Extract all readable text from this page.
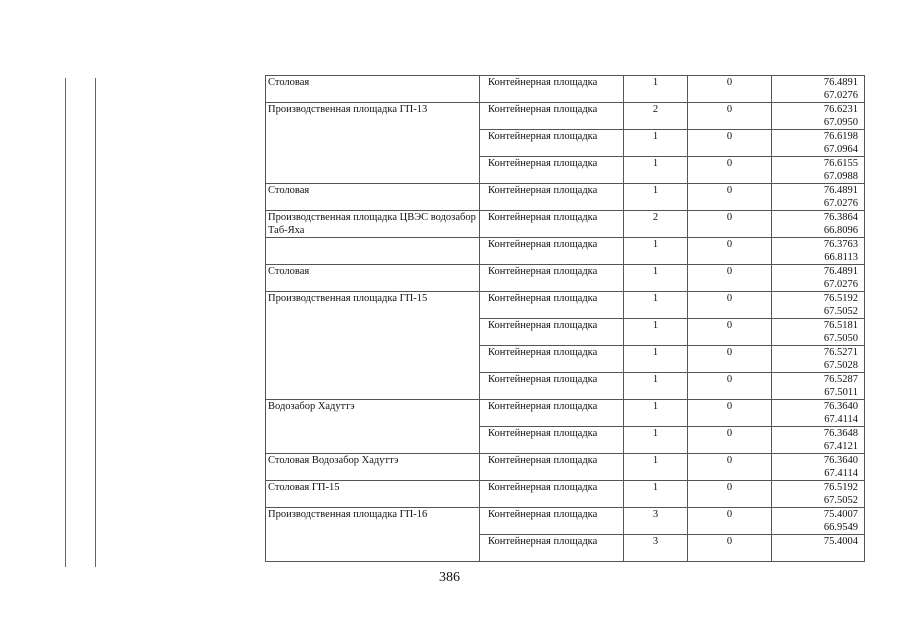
Столовая	Контейнерная площадка	1	0	76.4891
67.0276

Производственная площадка ГП-13	Контейнерная площадка	2	0	76.6231
67.0950

	Контейнерная площадка	1	0	76.6198
67.0964

	Контейнерная площадка	1	0	76.6155
67.0988

Столовая	Контейнерная площадка	1	0	76.4891
67.0276

Производственная площадка ЦВЭС водозабор Таб-Яха	Контейнерная площадка	2	0	76.3864
66.8096

	Контейнерная площадка	1	0	76.3763
66.8113

Столовая	Контейнерная площадка	1	0	76.4891
67.0276

Производственная площадка ГП-15	Контейнерная площадка	1	0	76.5192
67.5052

	Контейнерная площадка	1	0	76.5181
67.5050

	Контейнерная площадка	1	0	76.5271
67.5028

	Контейнерная площадка	1	0	76.5287
67.5011

Водозабор Хадуттэ	Контейнерная площадка	1	0	76.3640
67.4114

	Контейнерная площадка	1	0	76.3648
67.4121

Столовая Водозабор Хадуттэ	Контейнерная площадка	1	0	76.3640
67.4114

Столовая ГП-15	Контейнерная площадка	1	0	76.5192
67.5052

Производственная площадка ГП-16	Контейнерная площадка	3	0	75.4007
66.9549

	Контейнерная площадка	3	0	75.4004
386
